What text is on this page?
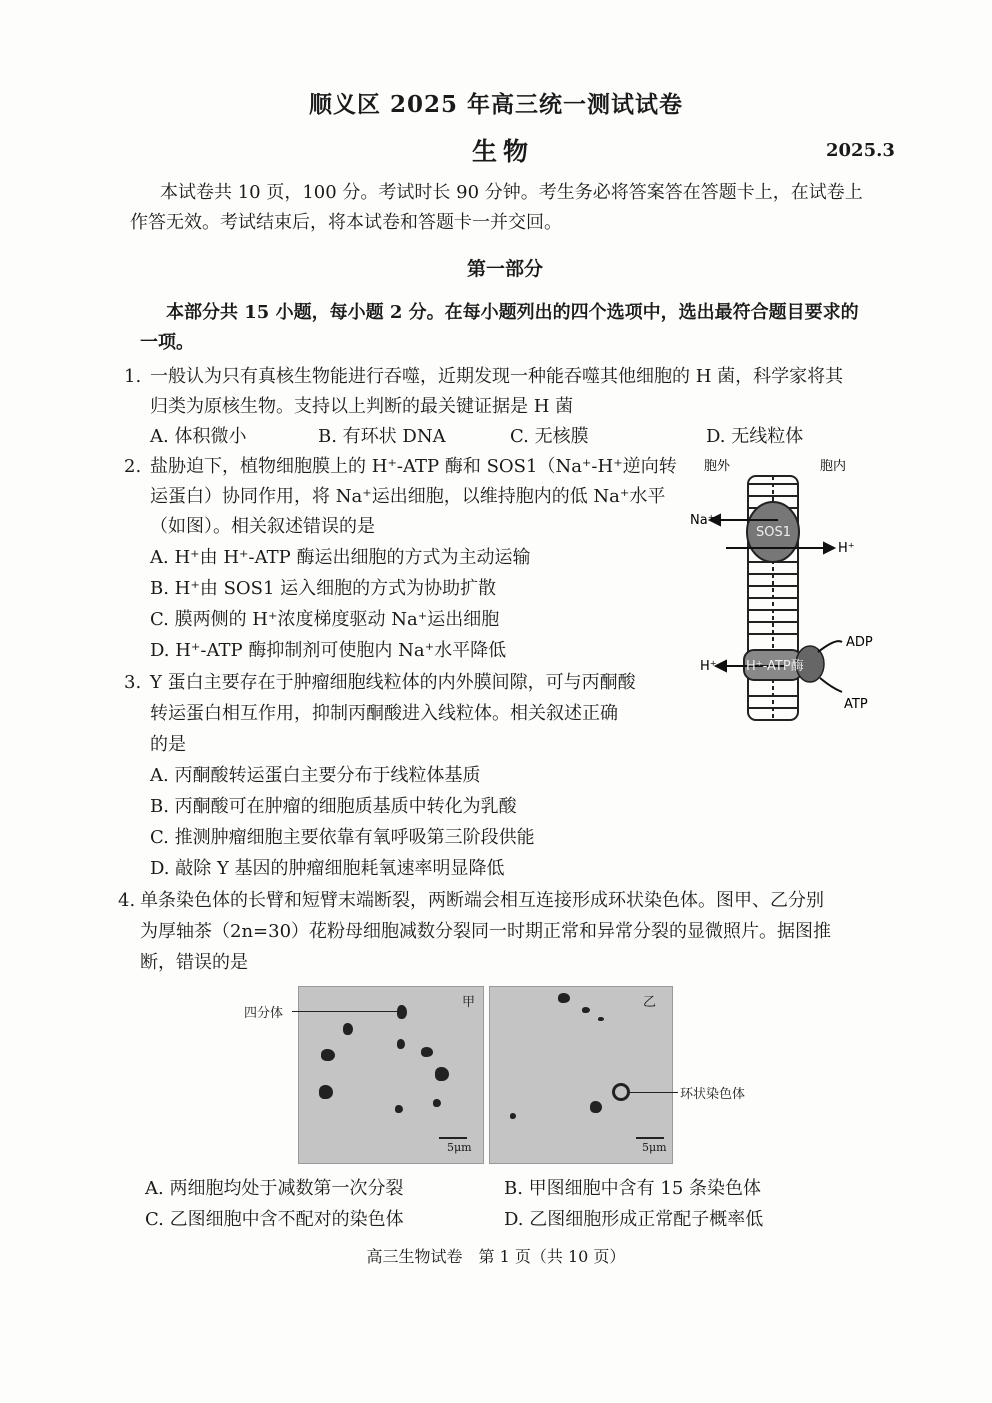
顺义区 2025 年高三统一测试试卷
生物	2025.3
本试卷共 10 页，100 分。考试时长 90 分钟。考生务必将答案答在答题卡上，在试卷上
作答无效。考试结束后，将本试卷和答题卡一并交回。
第一部分
本部分共 15 小题，每小题 2 分。在每小题列出的四个选项中，选出最符合题目要求的
一项。
1. 一般认为只有真核生物能进行吞噬，近期发现一种能吞噬其他细胞的 H 菌，科学家将其
归类为原核生物。支持以上判断的最关键证据是 H 菌
A. 体积微小	B. 有环状 DNA	C. 无核膜	D. 无线粒体
2. 盐胁迫下，植物细胞膜上的 H⁺-ATP 酶和 SOS1（Na⁺-H⁺逆向转
运蛋白）协同作用，将 Na⁺运出细胞，以维持胞内的低 Na⁺水平
（如图）。相关叙述错误的是
A. H⁺由 H⁺-ATP 酶运出细胞的方式为主动运输
B. H⁺由 SOS1 运入细胞的方式为协助扩散
C. 膜两侧的 H⁺浓度梯度驱动 Na⁺运出细胞
D. H⁺-ATP 酶抑制剂可使胞内 Na⁺水平降低
胞外	胞内
Na⁺
H⁺
SOS1
H⁺-ATP酶
H⁺
ADP
ATP
3. Y 蛋白主要存在于肿瘤细胞线粒体的内外膜间隙，可与丙酮酸
转运蛋白相互作用，抑制丙酮酸进入线粒体。相关叙述正确
的是
A. 丙酮酸转运蛋白主要分布于线粒体基质
B. 丙酮酸可在肿瘤的细胞质基质中转化为乳酸
C. 推测肿瘤细胞主要依靠有氧呼吸第三阶段供能
D. 敲除 Y 基因的肿瘤细胞耗氧速率明显降低
4. 单条染色体的长臂和短臂末端断裂，两断端会相互连接形成环状染色体。图甲、乙分别
为厚轴茶（2n=30）花粉母细胞减数分裂同一时期正常和异常分裂的显微照片。据图推
断，错误的是
甲
5μm
乙
5μm
四分体
环状染色体
A. 两细胞均处于减数第一次分裂	B. 甲图细胞中含有 15 条染色体
C. 乙图细胞中含不配对的染色体	D. 乙图细胞形成正常配子概率低
高三生物试卷　第 1 页（共 10 页）
